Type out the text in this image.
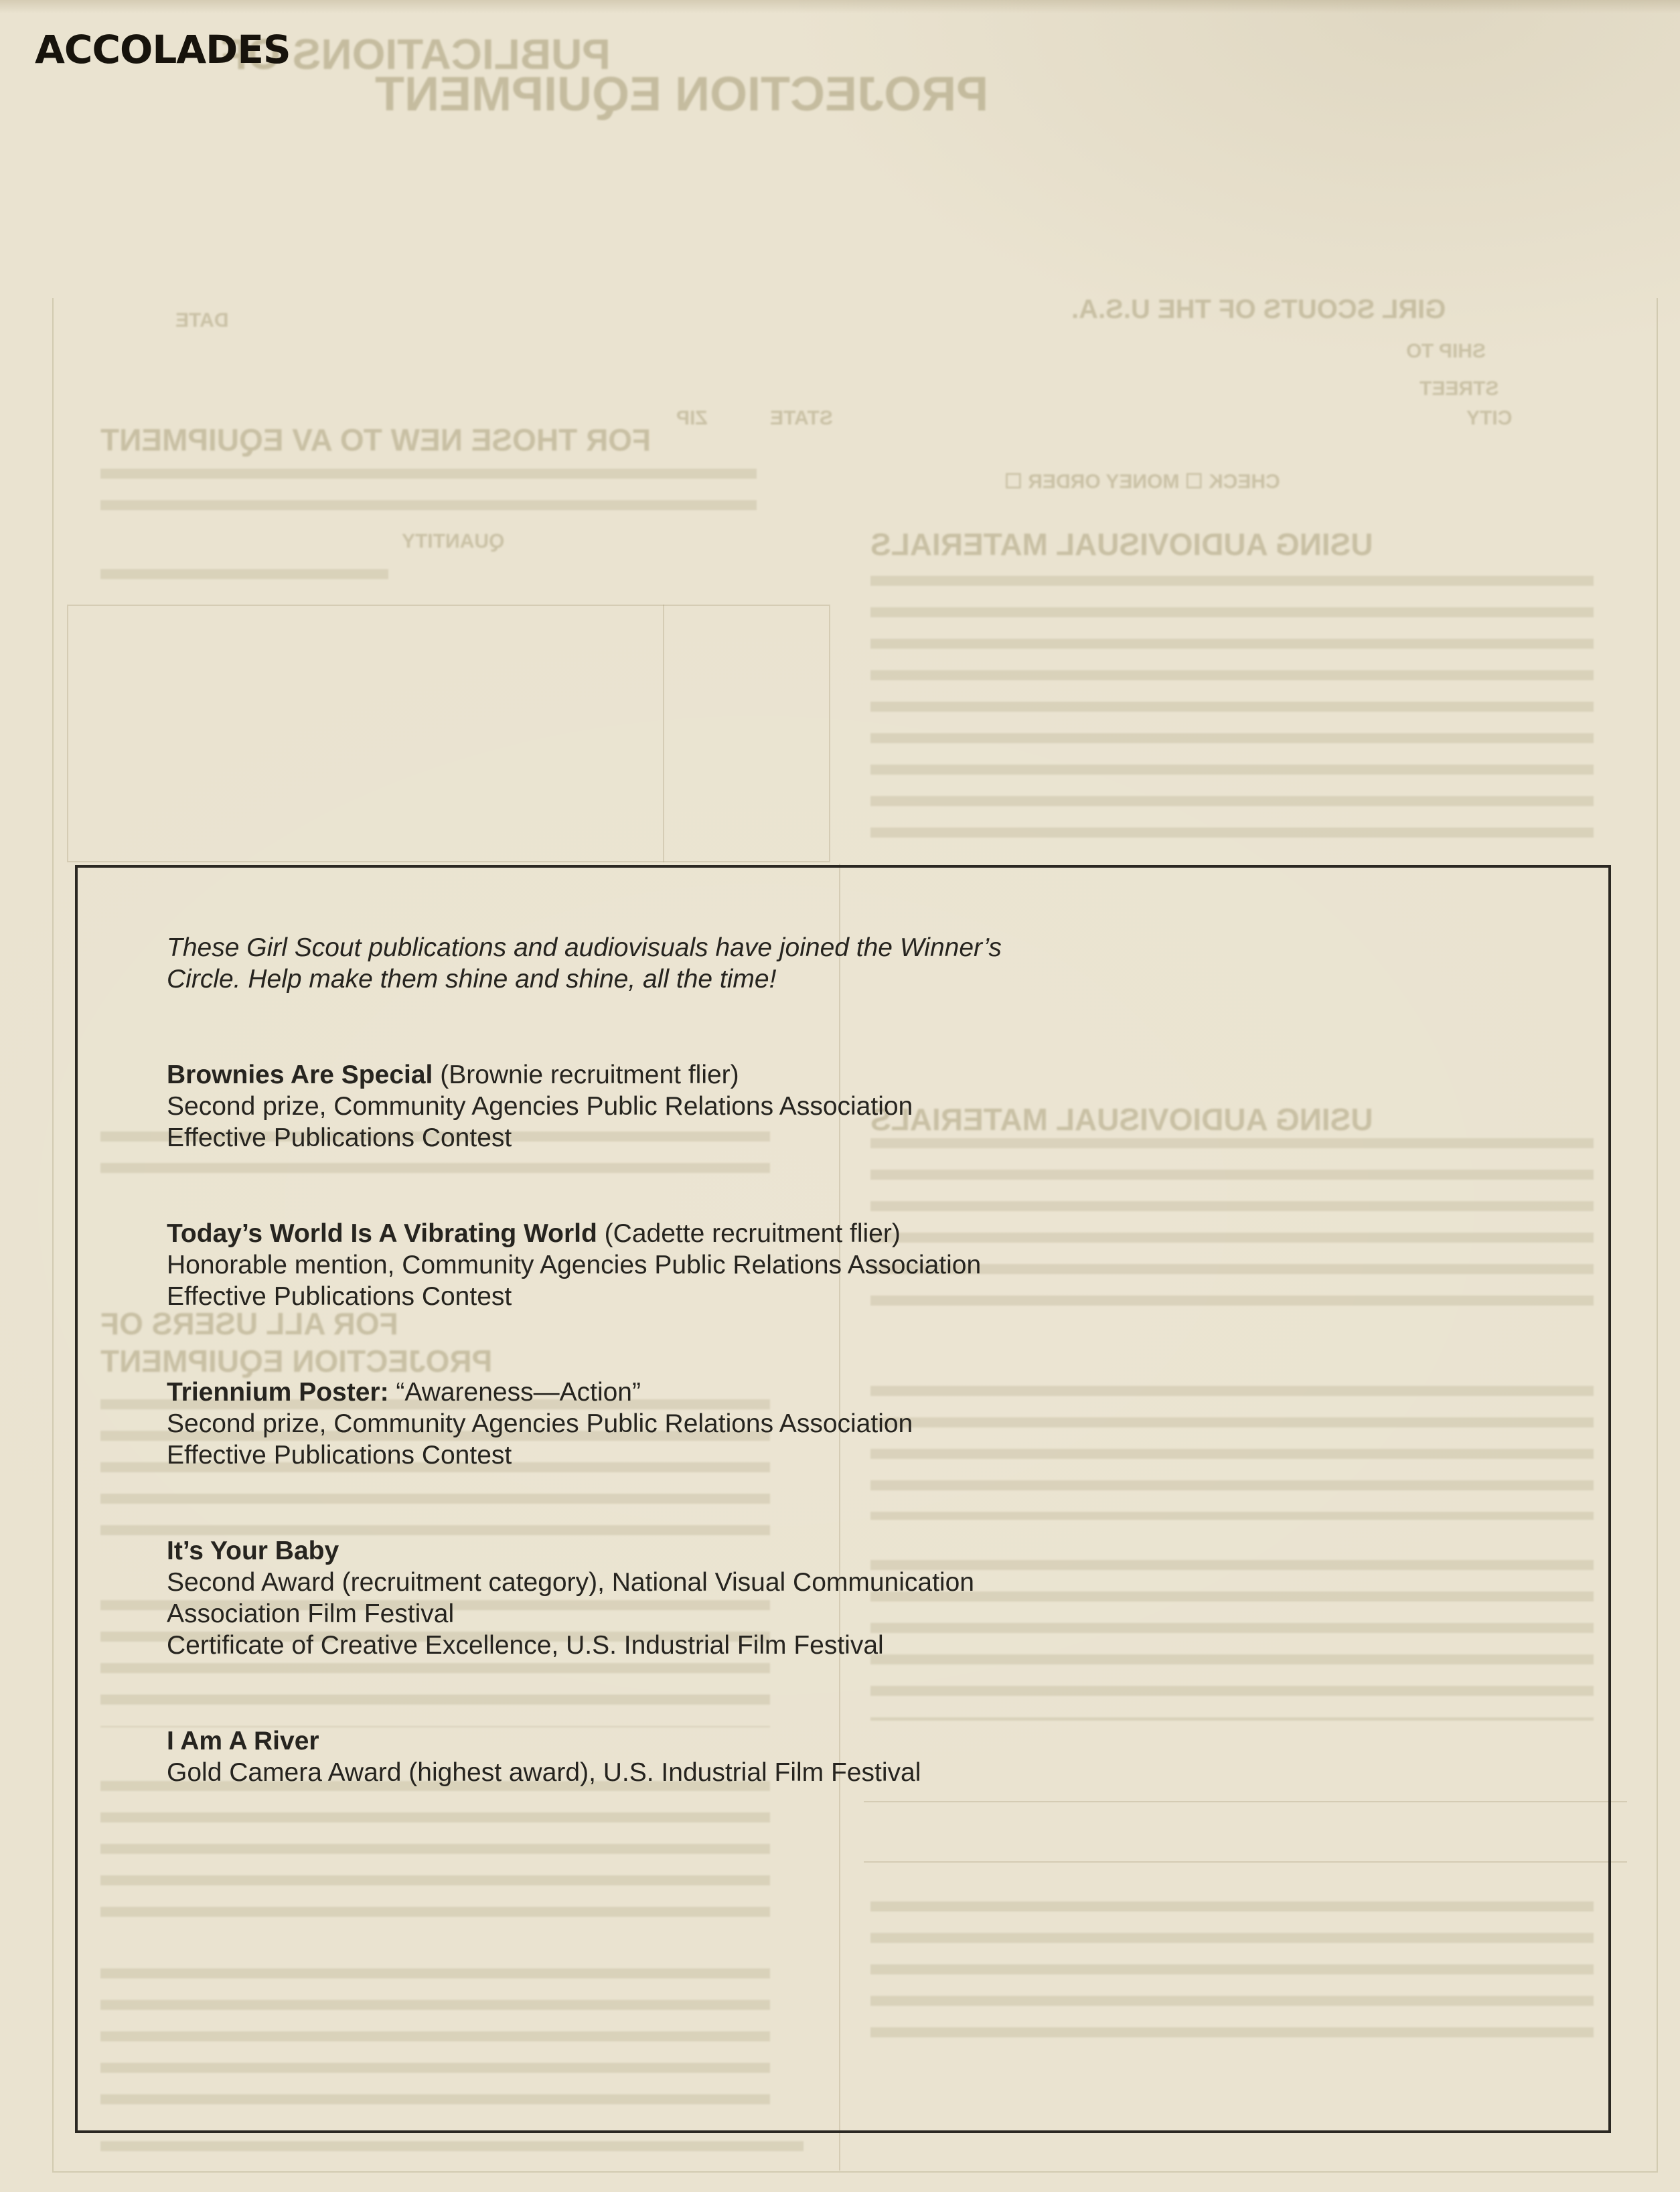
PUBLICATIONS OF
PROJECTION EQUIPMENT
GIRL SCOUTS OF THE U.S.A.
DATE
SHIP TO
STREET
CITY
STATE
ZIP
FOR THOSE NEW TO AV EQUIPMENT
CHECK ☐ MONEY ORDER ☐
QUANTITY	USING AUDIOVISUAL MATERIALS
USING AUDIOVISUAL MATERIALS
FOR ALL USERS OF
PROJECTION EQUIPMENT
ACCOLADES

These Girl Scout publications and audiovisuals have joined the Winner’s
Circle. Help make them shine and shine, all the time!

Brownies Are Special (Brownie recruitment flier)
Second prize, Community Agencies Public Relations Association
Effective Publications Contest
Today’s World Is A Vibrating World (Cadette recruitment flier)
Honorable mention, Community Agencies Public Relations Association
Effective Publications Contest
Triennium Poster: “Awareness—Action”
Second prize, Community Agencies Public Relations Association
Effective Publications Contest
It’s Your Baby
Second Award (recruitment category), National Visual Communication
Association Film Festival
Certificate of Creative Excellence, U.S. Industrial Film Festival
I Am A River
Gold Camera Award (highest award), U.S. Industrial Film Festival
